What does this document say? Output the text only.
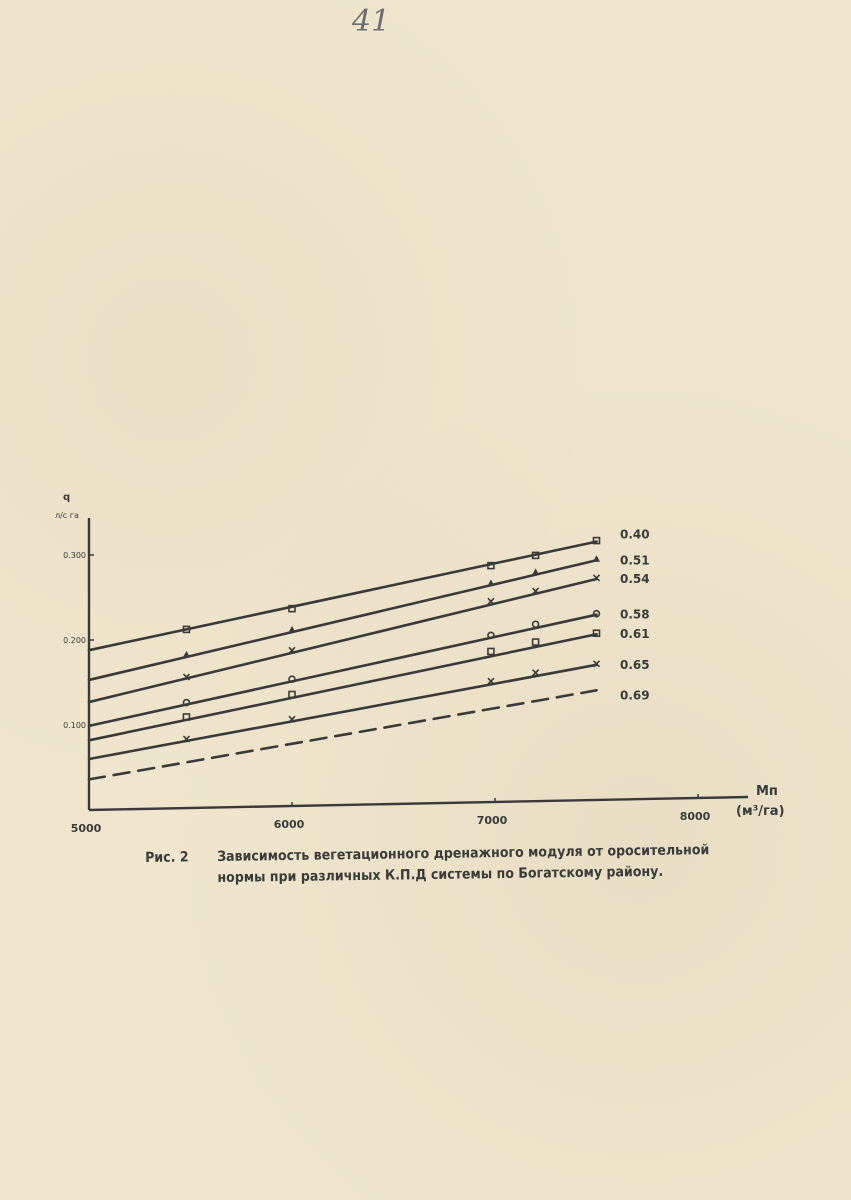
41
q
л/с га
Мп
(м³/га)
5000	6000	7000	8000
0.100
0.200
0.300
0.40
0.51
0.54
0.58
0.61
0.65
0.69
Рис. 2 Зависимость вегетационного дренажного модуля от оросительной
нормы при различных К.П.Д системы по Богатскому району.
